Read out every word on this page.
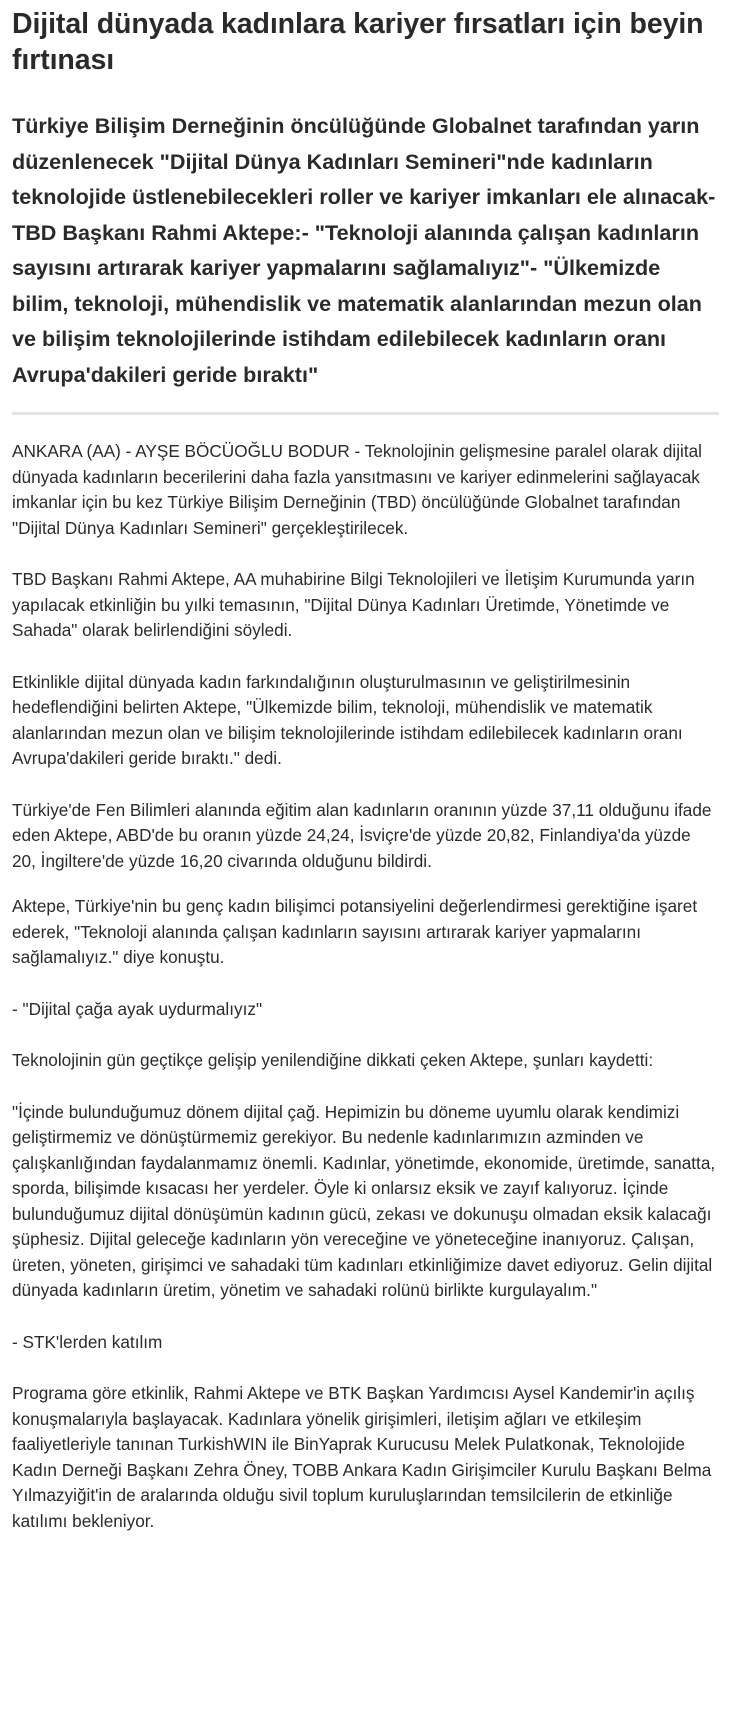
Dijital dünyada kadınlara kariyer fırsatları için beyin fırtınası
Türkiye Bilişim Derneğinin öncülüğünde Globalnet tarafından yarın düzenlenecek "Dijital Dünya Kadınları Semineri"nde kadınların teknolojide üstlenebilecekleri roller ve kariyer imkanları ele alınacak- TBD Başkanı Rahmi Aktepe:- "Teknoloji alanında çalışan kadınların sayısını artırarak kariyer yapmalarını sağlamalıyız"- "Ülkemizde bilim, teknoloji, mühendislik ve matematik alanlarından mezun olan ve bilişim teknolojilerinde istihdam edilebilecek kadınların oranı Avrupa'dakileri geride bıraktı"

ANKARA (AA) - AYŞE BÖCÜOĞLU BODUR - Teknolojinin gelişmesine paralel olarak dijital dünyada kadınların becerilerini daha fazla yansıtmasını ve kariyer edinmelerini sağlayacak imkanlar için bu kez Türkiye Bilişim Derneğinin (TBD) öncülüğünde Globalnet tarafından "Dijital Dünya Kadınları Semineri" gerçekleştirilecek.

TBD Başkanı Rahmi Aktepe, AA muhabirine Bilgi Teknolojileri ve İletişim Kurumunda yarın yapılacak etkinliğin bu yılki temasının, "Dijital Dünya Kadınları Üretimde, Yönetimde ve Sahada" olarak belirlendiğini söyledi.

Etkinlikle dijital dünyada kadın farkındalığının oluşturulmasının ve geliştirilmesinin hedeflendiğini belirten Aktepe, "Ülkemizde bilim, teknoloji, mühendislik ve matematik alanlarından mezun olan ve bilişim teknolojilerinde istihdam edilebilecek kadınların oranı Avrupa'dakileri geride bıraktı." dedi.

Türkiye'de Fen Bilimleri alanında eğitim alan kadınların oranının yüzde 37,11 olduğunu ifade eden Aktepe, ABD'de bu oranın yüzde 24,24, İsviçre'de yüzde 20,82, Finlandiya'da yüzde 20, İngiltere'de yüzde 16,20 civarında olduğunu bildirdi.

Aktepe, Türkiye'nin bu genç kadın bilişimci potansiyelini değerlendirmesi gerektiğine işaret ederek, "Teknoloji alanında çalışan kadınların sayısını artırarak kariyer yapmalarını sağlamalıyız." diye konuştu.

- "Dijital çağa ayak uydurmalıyız"

Teknolojinin gün geçtikçe gelişip yenilendiğine dikkati çeken Aktepe, şunları kaydetti:

"İçinde bulunduğumuz dönem dijital çağ. Hepimizin bu döneme uyumlu olarak kendimizi geliştirmemiz ve dönüştürmemiz gerekiyor. Bu nedenle kadınlarımızın azminden ve çalışkanlığından faydalanmamız önemli. Kadınlar, yönetimde, ekonomide, üretimde, sanatta, sporda, bilişimde kısacası her yerdeler. Öyle ki onlarsız eksik ve zayıf kalıyoruz. İçinde bulunduğumuz dijital dönüşümün kadının gücü, zekası ve dokunuşu olmadan eksik kalacağı şüphesiz. Dijital geleceğe kadınların yön vereceğine ve yöneteceğine inanıyoruz. Çalışan, üreten, yöneten, girişimci ve sahadaki tüm kadınları etkinliğimize davet ediyoruz. Gelin dijital dünyada kadınların üretim, yönetim ve sahadaki rolünü birlikte kurgulayalım."

- STK'lerden katılım

Programa göre etkinlik, Rahmi Aktepe ve BTK Başkan Yardımcısı Aysel Kandemir'in açılış konuşmalarıyla başlayacak. Kadınlara yönelik girişimleri, iletişim ağları ve etkileşim faaliyetleriyle tanınan TurkishWIN ile BinYaprak Kurucusu Melek Pulatkonak, Teknolojide Kadın Derneği Başkanı Zehra Öney, TOBB Ankara Kadın Girişimciler Kurulu Başkanı Belma Yılmazyiğit'in de aralarında olduğu sivil toplum kuruluşlarından temsilcilerin de etkinliğe katılımı bekleniyor.
